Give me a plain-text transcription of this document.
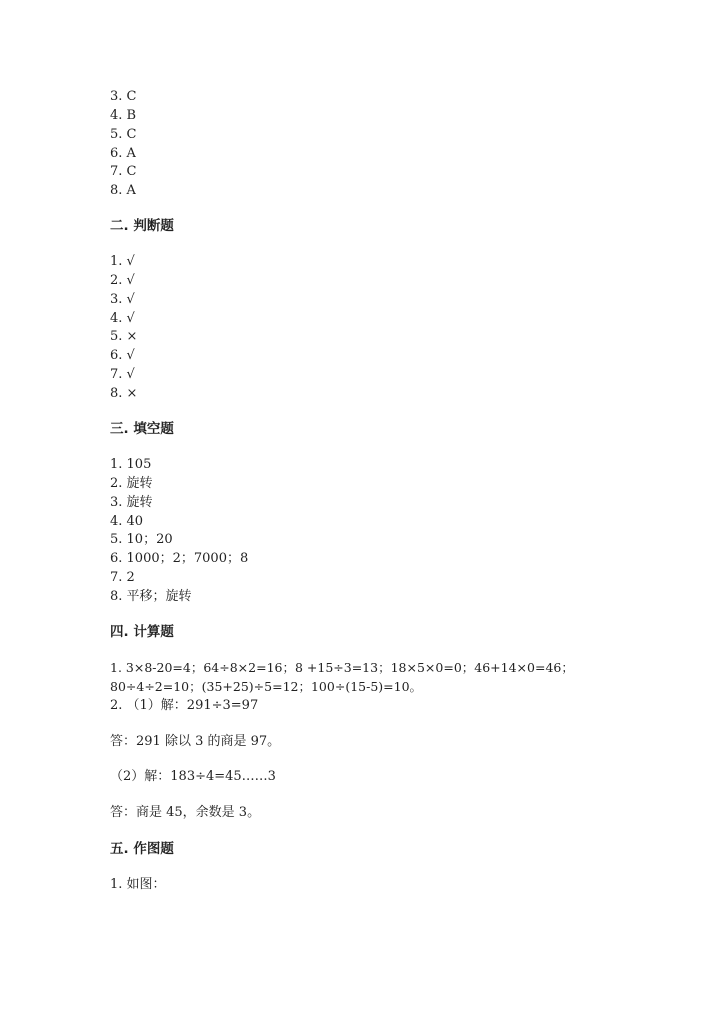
3. C
4. B
5. C
6. A
7. C
8. A
二. 判断题
1. √
2. √
3. √
4. √
5. ×
6. √
7. √
8. ×
三. 填空题
1. 105
2. 旋转
3. 旋转
4. 40
5. 10；20
6. 1000；2；7000；8
7. 2
8. 平移；旋转
四. 计算题
1. 3×8-20=4；64÷8×2=16；8 +15÷3=13；18×5×0=0；46+14×0=46；
80÷4÷2=10；(35+25)÷5=12；100÷(15-5)=10。
2. （1）解：291÷3=97
答：291 除以 3 的商是 97。
（2）解：183÷4=45……3
答：商是 45，余数是 3。
五. 作图题
1. 如图：
